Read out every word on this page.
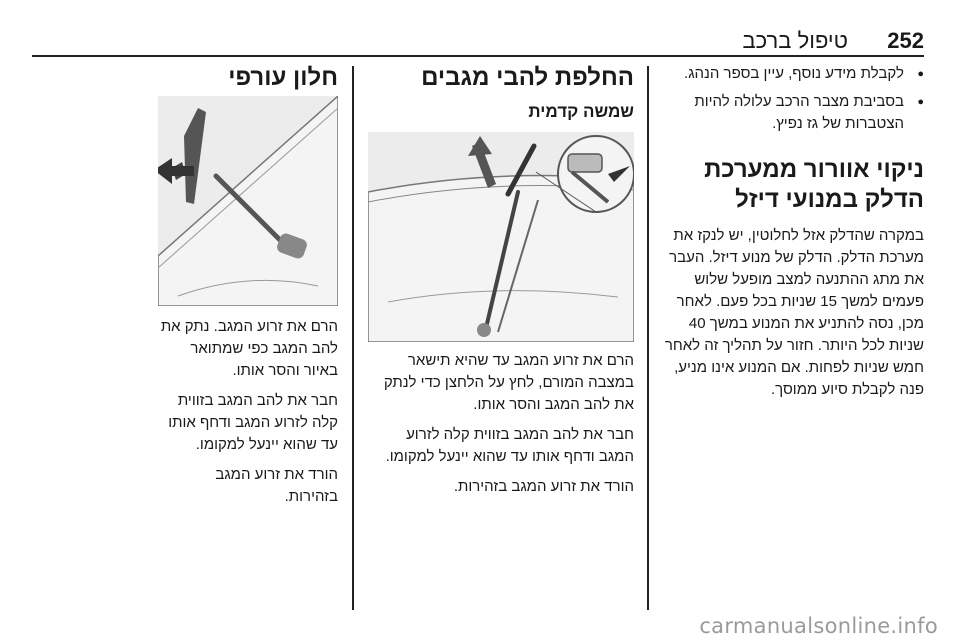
252
טיפול ברכב
● לקבלת מידע נוסף, עיין בספר הנהג.
● בסביבת מצבר הרכב עלולה להיות הצטברות של גז נפיץ.
ניקוי אוורור ממערכת הדלק במנועי דיזל
במקרה שהדלק אזל לחלוטין, יש לנקז את מערכת הדלק. הדלק של מנוע דיזל. העבר את מתג ההתנעה למצב מופעל שלוש פעמים למשך 15 שניות בכל פעם. לאחר מכן, נסה להתניע את המנוע במשך 40 שניות לכל היותר. חזור על תהליך זה לאחר חמש שניות לפחות. אם המנוע אינו מניע, פנה לקבלת סיוע ממוסך.
החלפת להבי מגבים
שמשה קדמית
הרם את זרוע המגב עד שהיא תישאר במצבה המורם, לחץ על הלחצן כדי לנתק את להב המגב והסר אותו.
חבר את להב המגב בזווית קלה לזרוע המגב ודחף אותו עד שהוא יינעל למקומו.
הורד את זרוע המגב בזהירות.
חלון עורפי
הרם את זרוע המגב. נתק את להב המגב כפי שמתואר באיור והסר אותו.
חבר את להב המגב בזווית קלה לזרוע המגב ודחף אותו עד שהוא יינעל למקומו.
הורד את זרוע המגב בזהירות.
carmanualsonline.info
